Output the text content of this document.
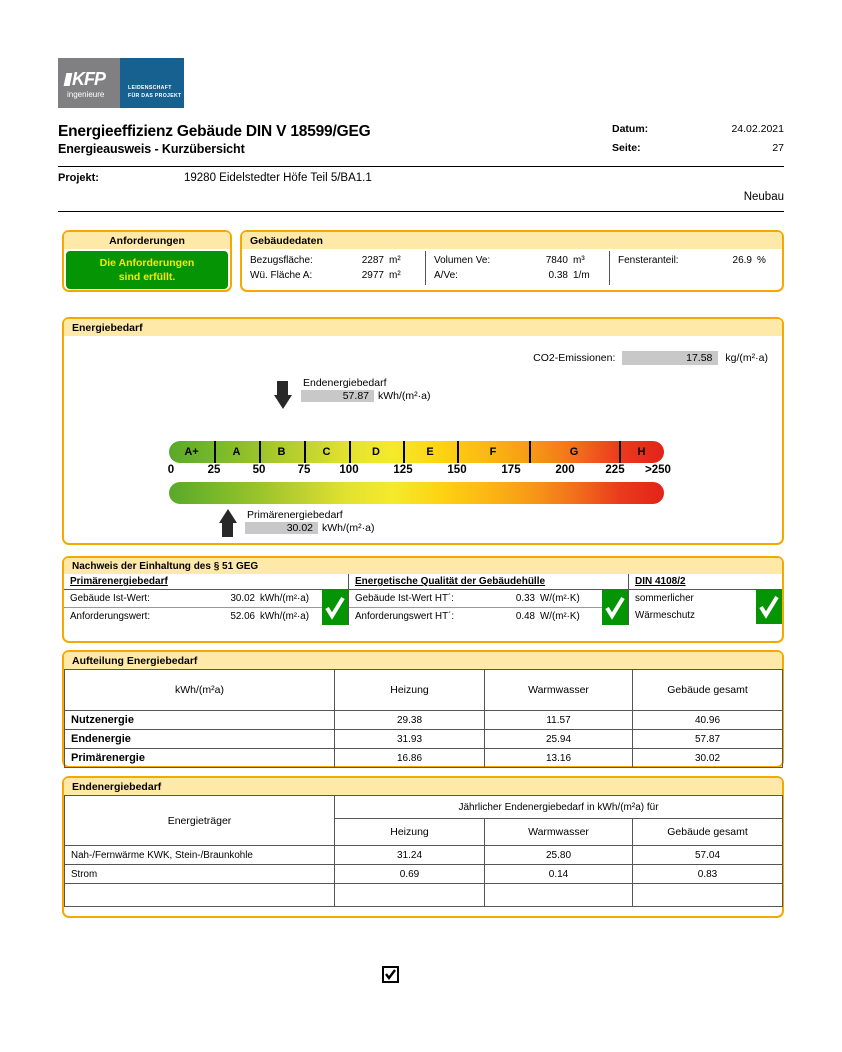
KFP
ingenieure
LEIDENSCHAFT
FÜR DAS PROJEKT
Energieeffizienz Gebäude DIN V 18599/GEG	Datum:	24.02.2021
Energieausweis - Kurzübersicht	Seite:	27
Projekt:	19280 Eidelstedter Höfe Teil 5/BA1.1
Neubau
Anforderungen
Die Anforderungen
sind erfüllt.
Gebäudedaten
Bezugsfläche:	2287 m²
Wü. Fläche A:	2977 m²
Volumen Ve:	7840 m³
A/Ve:	0.38 1/m
Fensteranteil:	26.9 %
Energiebedarf
CO2-Emissionen:	17.58	kg/(m²·a)
Endenergiebedarf
57.87 kWh/(m²·a)
A+	A	B	C	D	E	F	G	H
0	25	50	75	100	125	150	175	200	225	>250
Primärenergiebedarf
30.02 kWh/(m²·a)
Nachweis der Einhaltung des § 51 GEG
Primärenergiebedarf
Gebäude Ist-Wert:	30.02 kWh/(m²·a)
Anforderungswert:	52.06 kWh/(m²·a)
Energetische Qualität der Gebäudehülle
Gebäude Ist-Wert HT´:	0.33 W/(m²·K)
Anforderungswert HT´:	0.48 W/(m²·K)
DIN 4108/2
sommerlicher
Wärmeschutz
Aufteilung Energiebedarf
kWh/(m²a)	Heizung	Warmwasser	Gebäude gesamt
Nutzenergie	29.38	11.57	40.96
Endenergie	31.93	25.94	57.87
Primärenergie	16.86	13.16	30.02
Endenergiebedarf
Energieträger	Jährlicher Endenergiebedarf in kWh/(m²a) für		
	Heizung	Warmwasser	Gebäude gesamt
Nah-/Fernwärme KWK, Stein-/Braunkohle	31.24	25.80	57.04
Strom	0.69	0.14	0.83
